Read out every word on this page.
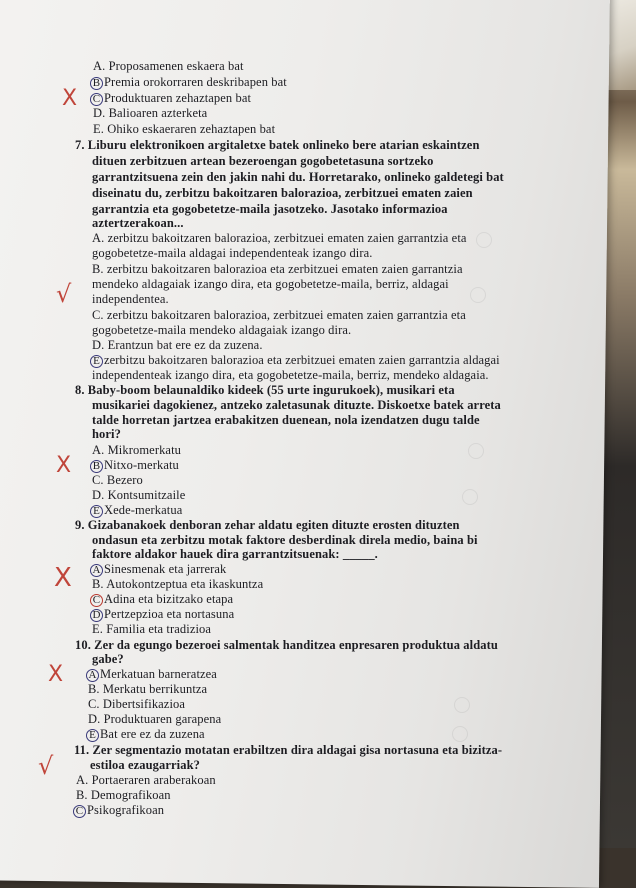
A. Proposamenen eskaera bat
B Premia orokorraren deskribapen bat
C Produktuaren zehaztapen bat
D. Balioaren azterketa
E. Ohiko eskaeraren zehaztapen bat
7. Liburu elektronikoen argitaletxe batek onlineko bere atarian eskaintzen
dituen zerbitzuen artean bezeroengan gogobetetasuna sortzeko
garrantzitsuena zein den jakin nahi du. Horretarako, onlineko galdetegi bat
diseinatu du, zerbitzu bakoitzaren balorazioa, zerbitzuei ematen zaien
garrantzia eta gogobetetze-maila jasotzeko. Jasotako informazioa
aztertzerakoan...
A. zerbitzu bakoitzaren balorazioa, zerbitzuei ematen zaien garrantzia eta
gogobetetze-maila aldagai independenteak izango dira.
B. zerbitzu bakoitzaren balorazioa eta zerbitzuei ematen zaien garrantzia
mendeko aldagaiak izango dira, eta gogobetetze-maila, berriz, aldagai
independentea.
C. zerbitzu bakoitzaren balorazioa, zerbitzuei ematen zaien garrantzia eta
gogobetetze-maila mendeko aldagaiak izango dira.
D. Erantzun bat ere ez da zuzena.
E zerbitzu bakoitzaren balorazioa eta zerbitzuei ematen zaien garrantzia aldagai
independenteak izango dira, eta gogobetetze-maila, berriz, mendeko aldagaia.
8. Baby-boom belaunaldiko kideek (55 urte ingurukoek), musikari eta
musikariei dagokienez, antzeko zaletasunak dituzte. Diskoetxe batek arreta
talde horretan jartzea erabakitzen duenean, nola izendatzen dugu talde
hori?
A. Mikromerkatu
B Nitxo-merkatu
C. Bezero
D. Kontsumitzaile
E Xede-merkatua
9. Gizabanakoek denboran zehar aldatu egiten dituzte erosten dituzten
ondasun eta zerbitzu motak faktore desberdinak direla medio, baina bi
faktore aldakor hauek dira garrantzitsuenak: _____.
A Sinesmenak eta jarrerak
B. Autokontzeptua eta ikaskuntza
C Adina eta bizitzako etapa
D Pertzepzioa eta nortasuna
E. Familia eta tradizioa
10. Zer da egungo bezeroei salmentak handitzea enpresaren produktua aldatu
gabe?
A Merkatuan barneratzea
B. Merkatu berrikuntza
C. Dibertsifikazioa
D. Produktuaren garapena
E Bat ere ez da zuzena
11. Zer segmentazio motatan erabiltzen dira aldagai gisa nortasuna eta bizitza-
estiloa ezaugarriak?
A. Portaeraren araberakoan
B. Demografikoan
C Psikografikoan
X
√
X
X
X
√
